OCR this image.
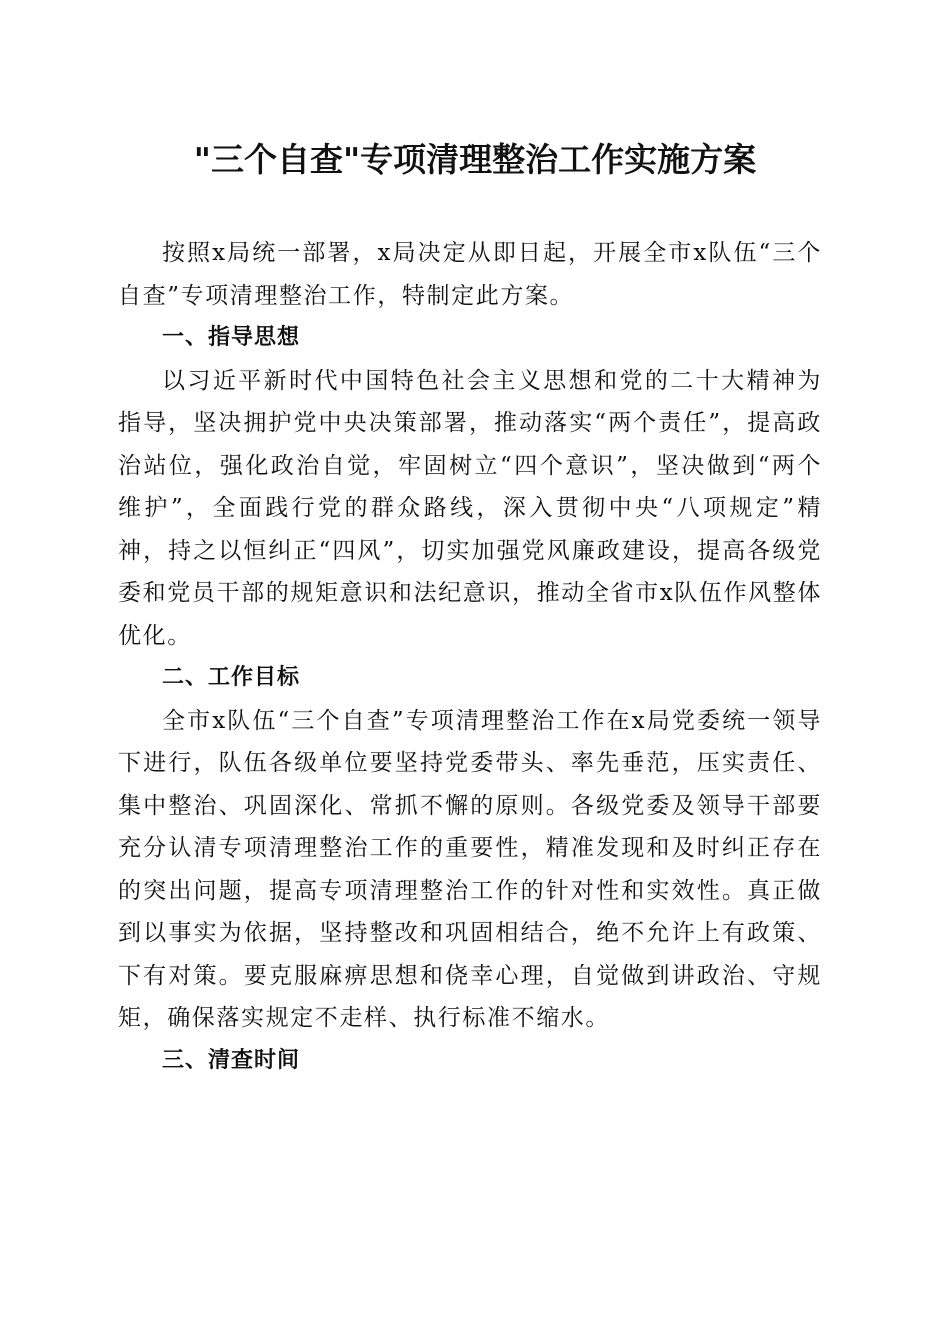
"三个自查"专项清理整治工作实施方案

按照x局统一部署，x局决定从即日起，开展全市x队伍“三个自查”专项清理整治工作，特制定此方案。

一、指导思想

以习近平新时代中国特色社会主义思想和党的二十大精神为指导，坚决拥护党中央决策部署，推动落实“两个责任”，提高政治站位，强化政治自觉，牢固树立“四个意识”，坚决做到“两个维护”，全面践行党的群众路线，深入贯彻中央“八项规定”精神，持之以恒纠正“四风”，切实加强党风廉政建设，提高各级党委和党员干部的规矩意识和法纪意识，推动全省市x队伍作风整体优化。

二、工作目标

全市x队伍“三个自查”专项清理整治工作在x局党委统一领导下进行，队伍各级单位要坚持党委带头、率先垂范，压实责任、集中整治、巩固深化、常抓不懈的原则。各级党委及领导干部要充分认清专项清理整治工作的重要性，精准发现和及时纠正存在的突出问题，提高专项清理整治工作的针对性和实效性。真正做到以事实为依据，坚持整改和巩固相结合，绝不允许上有政策、下有对策。要克服麻痹思想和侥幸心理，自觉做到讲政治、守规矩，确保落实规定不走样、执行标准不缩水。

三、清查时间
